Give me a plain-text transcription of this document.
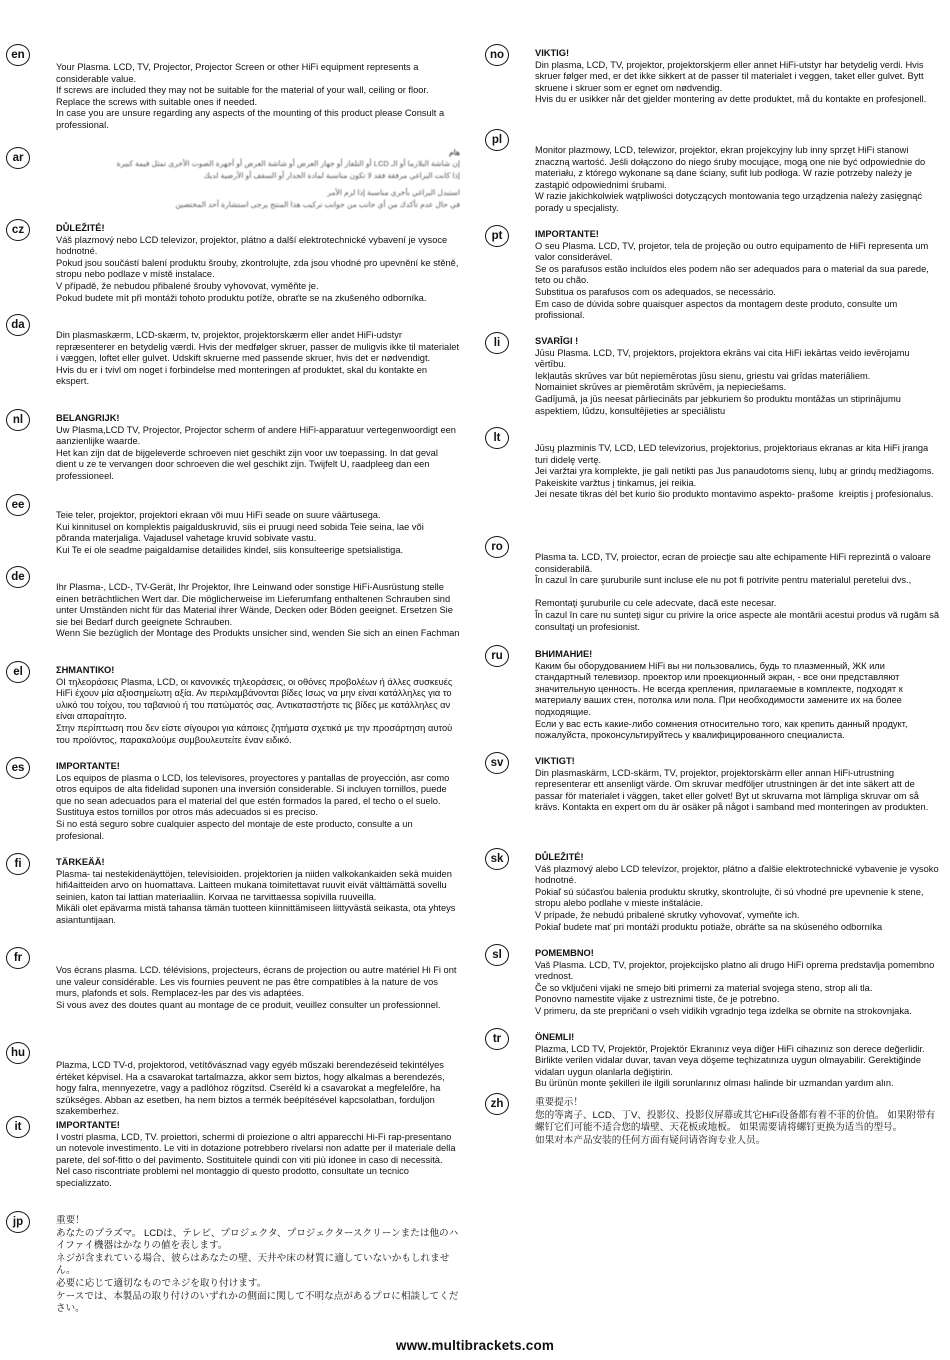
en
Your Plasma. LCD, TV, Projector, Projector Screen or other HiFi equipment represents a considerable value.
If screws are included they may not be suitable for the material of your wall, ceiling or floor. Replace the screws with suitable ones if needed.
In case you are unsure regarding any aspects of the mounting of this product please Consult a professional.
ar	هام
إن شاشة البلازما أو الـ LCD أو التلفاز أو جهاز العرض أو شاشة العرض أو أجهزة الصوت الأخرى تمثل قيمة كبيرة
إذا كانت البراغي مرفقة فقد لا تكون مناسبة لمادة الجدار أو السقف أو الأرضية لديك
استبدل البراغي بأخرى مناسبة إذا لزم الأمر
في حال عدم تأكدك من أي جانب من جوانب تركيب هذا المنتج يرجى استشارة أحد المختصين
cz	DŮLEŽITÉ!
Váš plazmový nebo LCD televizor, projektor, plátno a další elektrotechnické vybavení je vysoce hodnotné.
Pokud jsou součástí balení produktu šrouby, zkontrolujte, zda jsou vhodné pro upevnění ke stěně, stropu nebo podlaze v místě instalace.
V případě, že nebudou přibalené šrouby vyhovovat, vyměňte je.
Pokud budete mít při montáži tohoto produktu potíže, obraťte se na zkušeného odborníka.
da
Din plasmaskærm, LCD-skærm, tv, projektor, projektorskærm eller andet HiFi-udstyr repræsenterer en betydelig værdi. Hvis der medfølger skruer, passer de muligvis ikke til materialet i væggen, loftet eller gulvet. Udskift skruerne med passende skruer, hvis det er nødvendigt.
Hvis du er i tvivl om noget i forbindelse med monteringen af produktet, skal du kontakte en ekspert.
nl	BELANGRIJK!
Uw Plasma,LCD TV, Projector, Projector scherm of andere HiFi-apparatuur vertegenwoordigt een aanzienlijke waarde.
Het kan zijn dat de bijgeleverde schroeven niet geschikt zijn voor uw toepassing. In dat geval dient u ze te vervangen door schroeven die wel geschikt zijn. Twijfelt U, raadpleeg dan een professioneel.
ee
Teie teler, projektor, projektori ekraan või muu HiFi seade on suure väärtusega.
Kui kinnitusel on komplektis paigalduskruvid, siis ei pruugi need sobida Teie seina, lae või põranda materjaliga. Vajadusel vahetage kruvid sobivate vastu.
Kui Te ei ole seadme paigaldamise detailides kindel, siis konsulteerige spetsialistiga.
de
Ihr Plasma-, LCD-, TV-Gerät, Ihr Projektor, Ihre Leinwand oder sonstige HiFi-Ausrüstung stelle einen beträchtlichen Wert dar. Die möglicherweise im Lieferumfang enthaltenen Schrauben sind unter Umständen nicht für das Material ihrer Wände, Decken oder Böden geeignet. Ersetzen Sie sie bei Bedarf durch geeignete Schrauben.
Wenn Sie bezüglich der Montage des Produkts unsicher sind, wenden Sie sich an einen Fachman
el	ΣΗΜΑΝΤΙΚΟ!
ΟΙ τηλεοράσεις Plasma, LCD, οι κανονικές τηλεοράσεις, οι οθόνες προβολέων ή άλλες συσκευές HiFi έχουν μία αξιοσημείωτη αξία. Αν περιλαμβάνονται βίδες Ισως να μην είναι κατάλληλες για το υλικό του τοίχου, του ταβανιού ή του πατώματός σας. Αντικαταστήστε τις βίδες με κατάλληλες αν είναι απαραίτητο.
Στην περίπτωση που δεν είστε σίγουροι για κάποιες ζητήματα σχετικά με την προσάρτηση αυτού του προϊόντος, παρακαλούμε συμβουλευτείτε έναν ειδικό.
es	IMPORTANTE!
Los equipos de plasma o LCD, los televisores, proyectores y pantallas de proyección, asr como otros equipos de alta fidelidad suponen una inversión considerable. Si incluyen tornillos, puede que no sean adecuados para el material del que estén formados la pared, el techo o el suelo. Sustituya estos tornillos por otros más adecuados si es preciso.
Si no está seguro sobre cualquier aspecto del montaje de este producto, consulte a un profesional.
fi	TÄRKEÄÄ!
Plasma- tai nestekidenäyttöjen, televisioiden. projektorien ja niiden valkokankaiden sekä muiden hifi4aitteiden arvo on huomattava. Laitteen mukana toimitettavat ruuvit eivät välttämättä sovellu seinien, katon tai lattian materiaaliin. Korvaa ne tarvittaessa sopivilla ruuveilla.
Mikäli olet epävarma mistä tahansa tämän tuotteen kiinnittämiseen liittyvästä seikasta, ota yhteys asiantuntijaan.
fr
Vos écrans plasma. LCD. télévisions, projecteurs, écrans de projection ou autre matériel Hi Fi ont une valeur considérable. Les vis fournies peuvent ne pas être compatibles à la nature de vos murs, plafonds et sols. Remplacez-les par des vis adaptées.
Si vous avez des doutes quant au montage de ce produit, veuillez consulter un professionnel.
hu
Plazma, LCD TV-d, projektorod, vetítővásznad vagy egyéb műszaki berendezéseid tekintélyes értéket képvisel. Ha a csavarokat tartalmazza, akkor sem biztos, hogy alkalmas a berendezés, hogy falra, mennyezetre, vagy a padlóhoz rögzítsd. Cseréld ki a csavarokat a megfelelőre, ha szükséges. Abban az esetben, ha nem biztos a termék beépítésével kapcsolatban, forduljon szakemberhez.
it	IMPORTANTE!
I vostri plasma, LCD, TV. proiettori, schermi di proiezione o altri apparecchi Hi-Fi rap-presentano un notevole investimento. Le viti in dotazione potrebbero rivelarsi non adatte per il materiale della parete, del sof-fitto o del pavimento. Sostituitele quindi con viti più idonee in caso di necessità.
Nel caso riscontriate problemi nel montaggio di questo prodotto, consultate un tecnico specializzato.
jp	重要！
あなたのプラズマ。 LCDは、テレビ、プロジェクタ、プロジェクタースクリーンまたは他のハイファイ機器はかなりの値を表します。
ネジが含まれている場合、彼らはあなたの壁、天井や床の材質に適していないかもしれません。
必要に応じて適切なものでネジを取り付けます。
ケースでは、本製品の取り付けのいずれかの側面に関して不明な点があるプロに相談してください。
no	VIKTIG!
Din plasma, LCD, TV, projektor, projektorskjerm eller annet HiFi-utstyr har betydelig verdi. Hvis skruer følger med, er det ikke sikkert at de passer til materialet i veggen, taket eller gulvet. Bytt skruene i skruer som er egnet om nødvendig.
Hvis du er usikker når det gjelder montering av dette produktet, må du kontakte en profesjonell.
pl
Monitor plazmowy, LCD, telewizor, projektor, ekran projekcyjny lub inny sprzęt HiFi stanowi znaczną wartość. Jeśli dołączono do niego śruby mocujące, mogą one nie być odpowiednie do materiału, z którego wykonane są dane ściany, sufit lub podłoga. W razie potrzeby należy je zastąpić odpowiednimi śrubami.
W razie jakichkolwiek wątpliwości dotyczących montowania tego urządzenia należy zasięgnąć porady u specjalisty.
pt	IMPORTANTE!
O seu Plasma. LCD, TV, projetor, tela de projeção ou outro equipamento de HiFi representa um valor considerável.
Se os parafusos estão incluídos eles podem não ser adequados para o material da sua parede, teto ou chão.
Substitua os parafusos com os adequados, se necessário.
Em caso de dúvida sobre quaisquer aspectos da montagem deste produto, consulte um profissional.
li	SVARĪGI !
Jūsu Plasma. LCD, TV, projektors, projektora ekrāns vai cita HiFi iekārtas veido ievērojamu vērtību.
Iekļautās skrūves var būt nepiemērotas jūsu sienu, griestu vai grīdas materiāliem.
Nomainiet skrūves ar piemērotām skrūvēm, ja nepieciešams.
Gadījumā, ja jūs neesat pārliecināts par jebkuriem šo produktu montāžas un stiprinājumu aspektiem, lūdzu, konsultējieties ar speciālistu
lt
Jūsų plazminis TV, LCD, LED televizorius, projektorius, projektoriaus ekranas ar kita HiFi įranga turi didelę vertę.
Jei varžtai yra komplekte, jie gali netikti pas Jus panaudotoms sienų, lubų ar grindų medžiagoms.
Pakeiskite varžtus į tinkamus, jei reikia.
Jei nesate tikras dėl bet kurio šio produkto montavimo aspekto- prašome  kreiptis į profesionalus.
ro
Plasma ta. LCD, TV, proiector, ecran de proiecţie sau alte echipamente HiFi reprezintă o valoare considerabilă.
În cazul în care şuruburile sunt incluse ele nu pot fi potrivite pentru materialul peretelui dvs.,

Remontaţi şuruburile cu cele adecvate, dacă este necesar.
În cazul în care nu sunteţi sigur cu privire la orice aspecte ale montării acestui produs vă rugăm să consultaţi un profesionist.
ru	ВНИМАНИЕ!
Каким бы оборудованием HiFi вы ни пользовались, будь то плазменный, ЖК или стандартный телевизор. проектор или проекционный экран, - все они представляют значительную ценность. Не всегда крепления, прилагаемые в комплекте, подходят к материалу ваших стен, потолка или пола. При необходимости замените их на более подходящие.
Если у вас есть какие-либо сомнения относительно того, как крепить данный продукт, пожалуйста, проконсультируйтесь у квалифицированного специалиста.
sv	VIKTIGT!
Din plasmaskärm, LCD-skärm, TV, projektor, projektorskärm eller annan HiFi-utrustning representerar ett ansenligt värde. Om skruvar medföljer utrustningen är det inte säkert att de passar för materialet i väggen, taket eller golvet! Byt ut skruvarna mot lämpliga skruvar om så krävs. Kontakta en expert om du är osäker på något i samband med monteringen av produkten.
sk	DŮLEŽITÉ!
Váš plazmový alebo LCD televízor, projektor, plátno a ďalšie elektrotechnické vybavenie je vysoko hodnotné.
Pokiaľ sú súčasťou balenia produktu skrutky, skontrolujte, či sú vhodné pre upevnenie k stene, stropu alebo podlahe v mieste inštalácie.
V prípade, že nebudú pribalené skrutky vyhovovať, vymeňte ich.
Pokiaľ budete mať pri montáži produktu potiaže, obráťte sa na skúseného odborníka
sl	POMEMBNO!
Vaš Plasma. LCD, TV, projektor, projekcijsko platno ali drugo HiFi oprema predstavlja pomembno vrednost.
Če so vključeni vijaki ne smejo biti primerni za material svojega steno, strop ali tla.
Ponovno namestite vijake z ustreznimi tiste, če je potrebno.
V primeru, da ste prepričani o vseh vidikih vgradnjo tega izdelka se obrnite na strokovnjaka.
tr	ÖNEMLI!
Plazma, LCD TV, Projektör, Projektör Ekranınız veya diğer HiFi cihazınız son derece değerlidir. Birlikte verilen vidalar duvar, tavan veya döşeme teçhizatınıza uygun olmayabilir. Gerektiğinde vidaları uygun olanlarla değiştirin.
Bu ürünün monte şekilleri ile ilgili sorunlarınız olması halinde bir uzmandan yardım alın.
zh	重要提示！
您的等离子、LCD、丁V、投影仪、投影仪屏幕或其它HiFi设备都有着不菲的价值。 如果附带有螺钉它们可能不适合您的墙壁、天花板或地板。 如果需要请将螺钉更换为适当的型号。
如果对本产品安装的任何方面有疑问请咨询专业人员。
www.multibrackets.com
